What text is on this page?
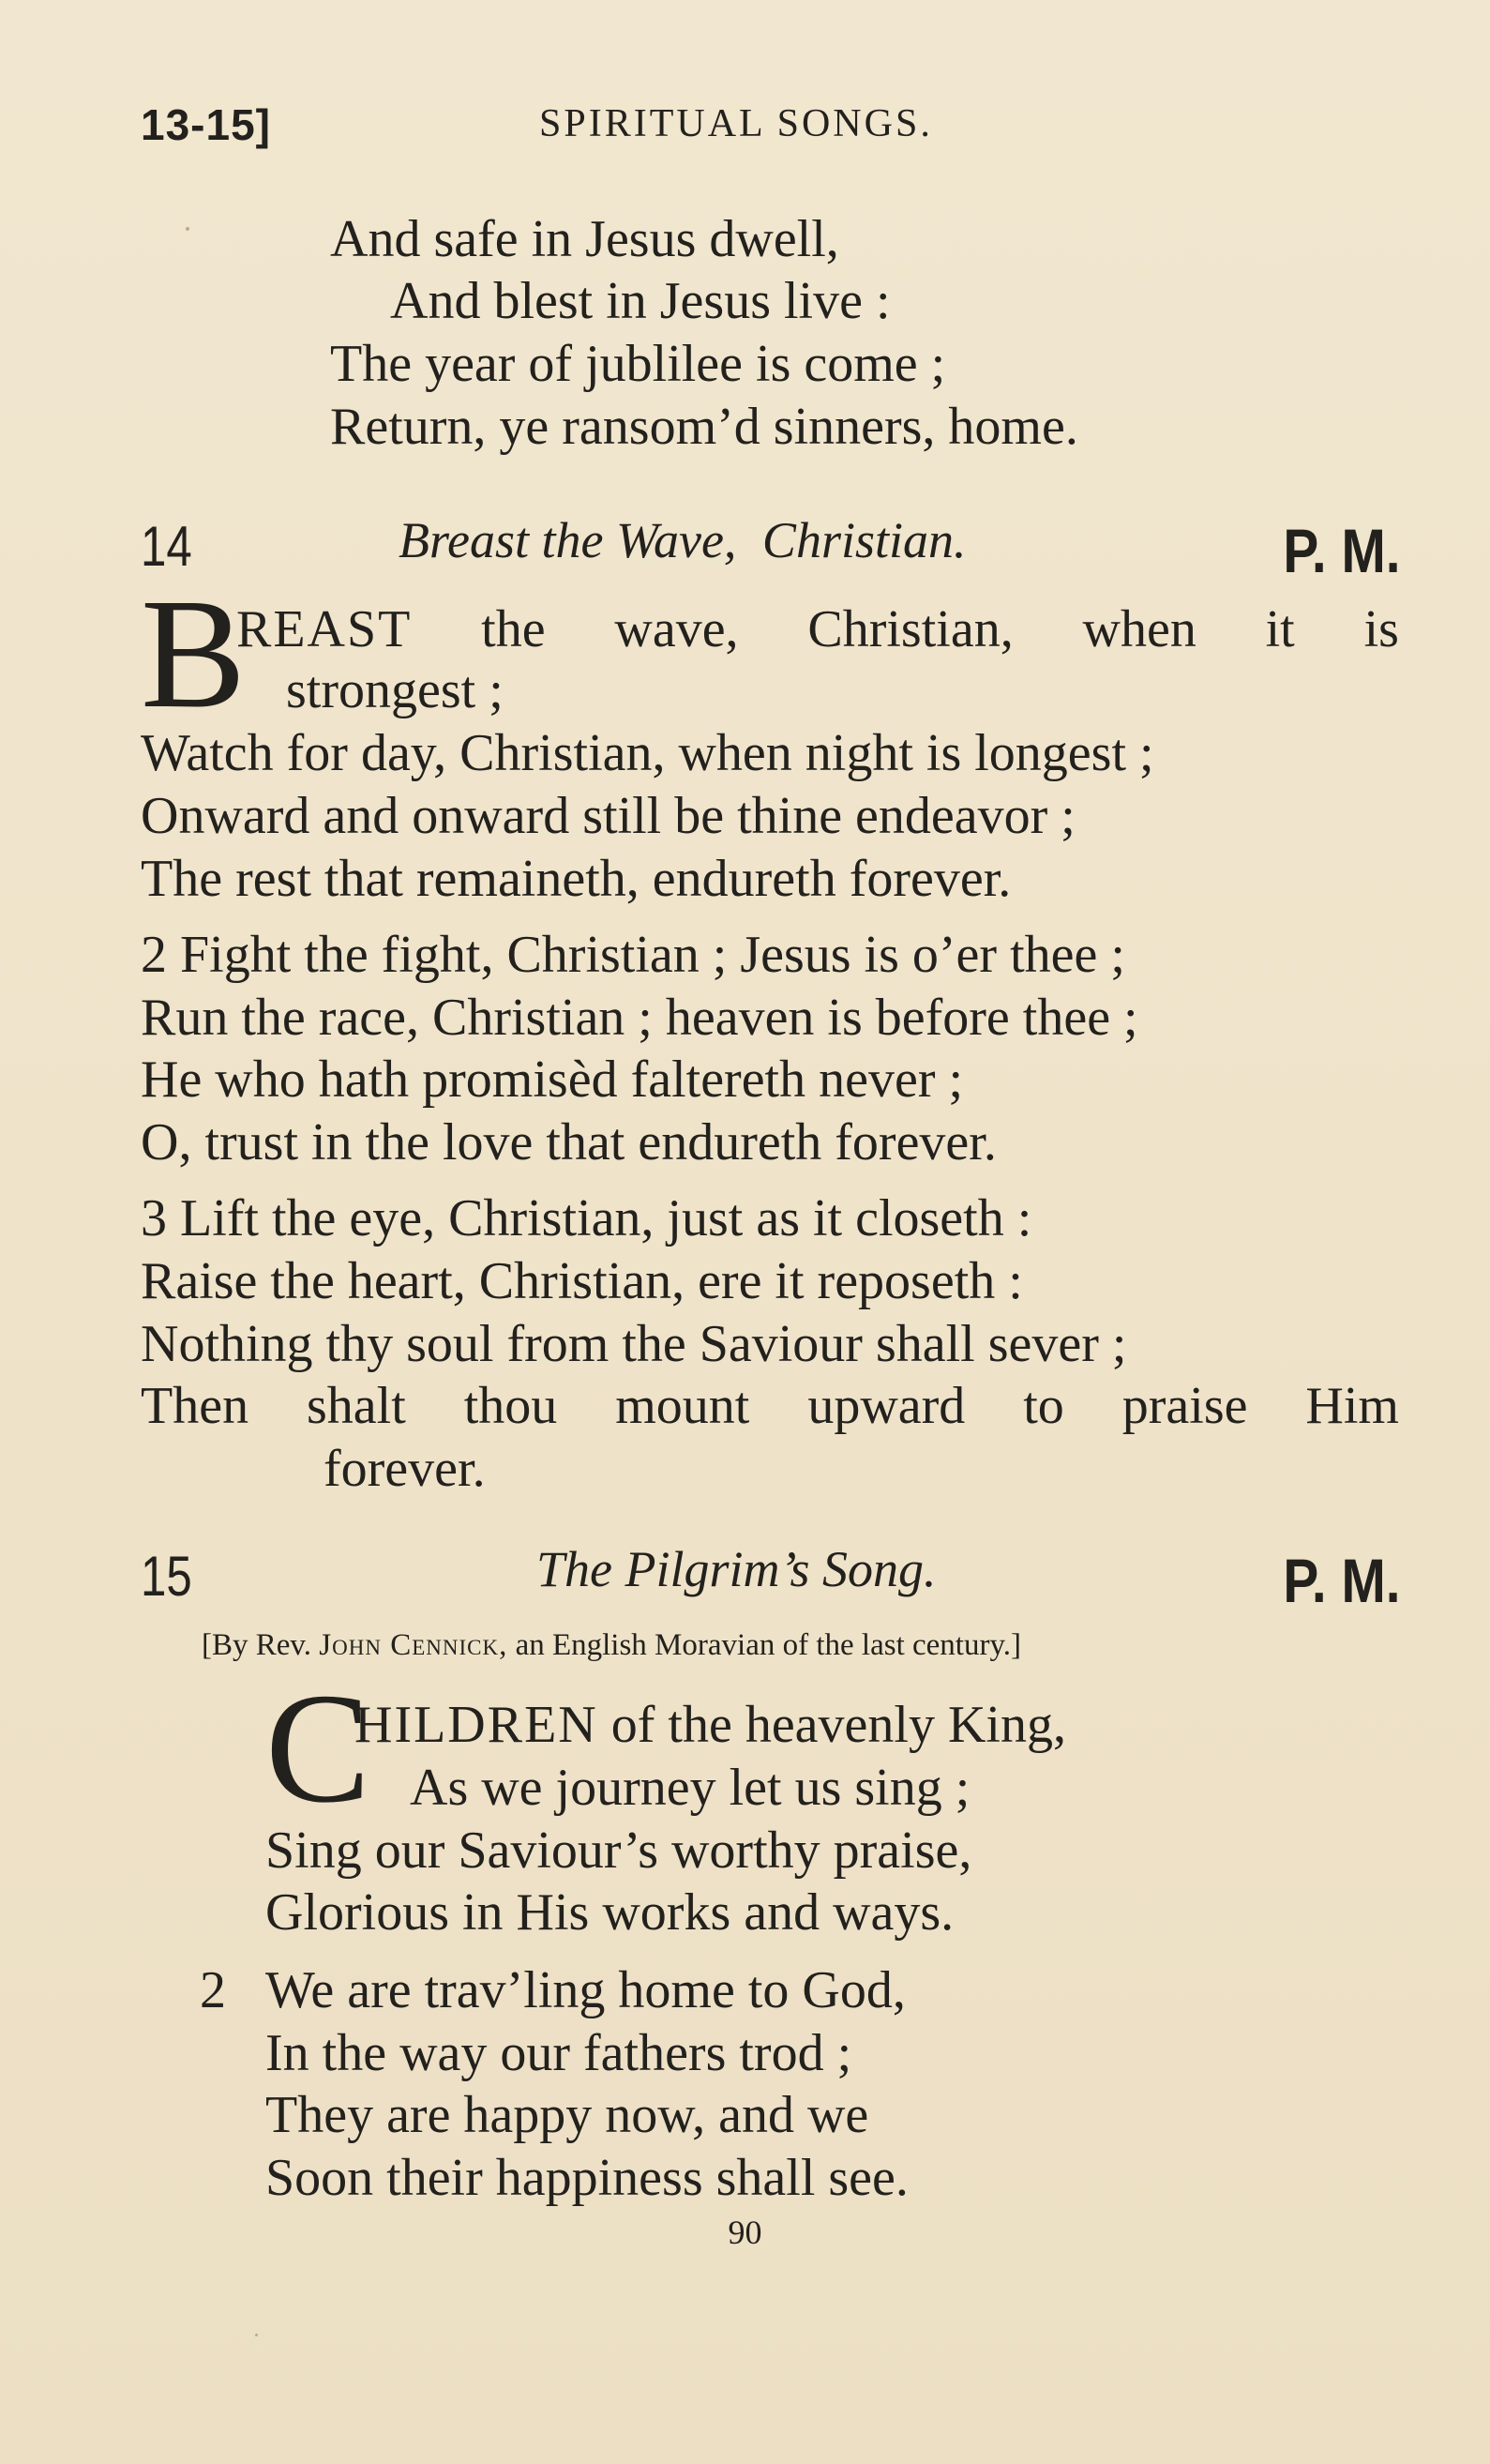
13-15]	SPIRITUAL SONGS.
And safe in Jesus dwell,
And blest in Jesus live :
The year of jublilee is come ;
Return, ye ransom’d sinners, home.
14	Breast the Wave, Christian.	P. M.
B
REAST the wave, Christian, when it is
strongest ;
Watch for day, Christian, when night is longest ;
Onward and onward still be thine endeavor ;
The rest that remaineth, endureth forever.
2 Fight the fight, Christian ; Jesus is o’er thee ;
Run the race, Christian ; heaven is before thee ;
He who hath promisèd faltereth never ;
O, trust in the love that endureth forever.
3 Lift the eye, Christian, just as it closeth :
Raise the heart, Christian, ere it reposeth :
Nothing thy soul from the Saviour shall sever ;
Then shalt thou mount upward to praise Him
forever.
15	The Pilgrim’s Song.	P. M.
[By Rev. John Cennick, an English Moravian of the last century.]
C
HILDREN of the heavenly King,
As we journey let us sing ;
Sing our Saviour’s worthy praise,
Glorious in His works and ways.
2 We are trav’ling home to God,
In the way our fathers trod ;
They are happy now, and we
Soon their happiness shall see.
90
